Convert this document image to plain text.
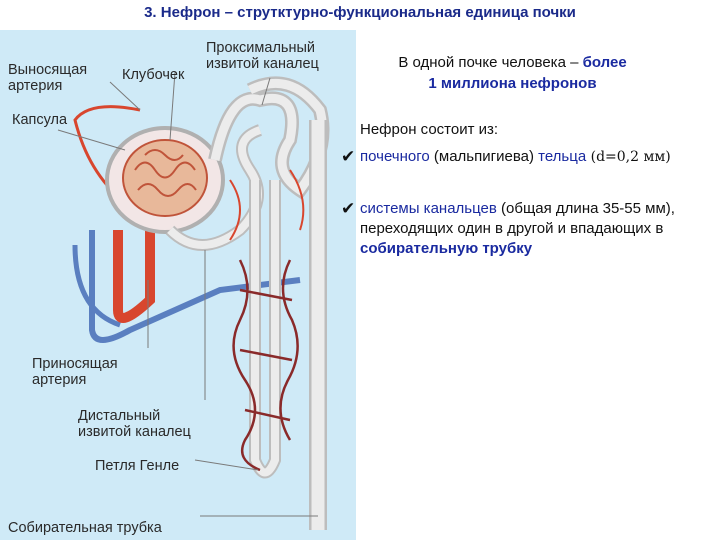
3. Нефрон – струтктурно-функциональная единица почки
Выносящая
артерия
Клубочек
Капсула
Проксимальный
извитой каналец
Приносящая
артерия
Дистальный
извитой каналец
Петля Генле
Собирательная трубка
В одной почке человека – более
1 миллиона нефронов
Нефрон состоит из:
✔ почечного (мальпигиева) тельца (d=0,2 мм)
✔ системы канальцев (общая длина 35-55 мм), переходящих один в другой и впадающих в собирательную трубку
